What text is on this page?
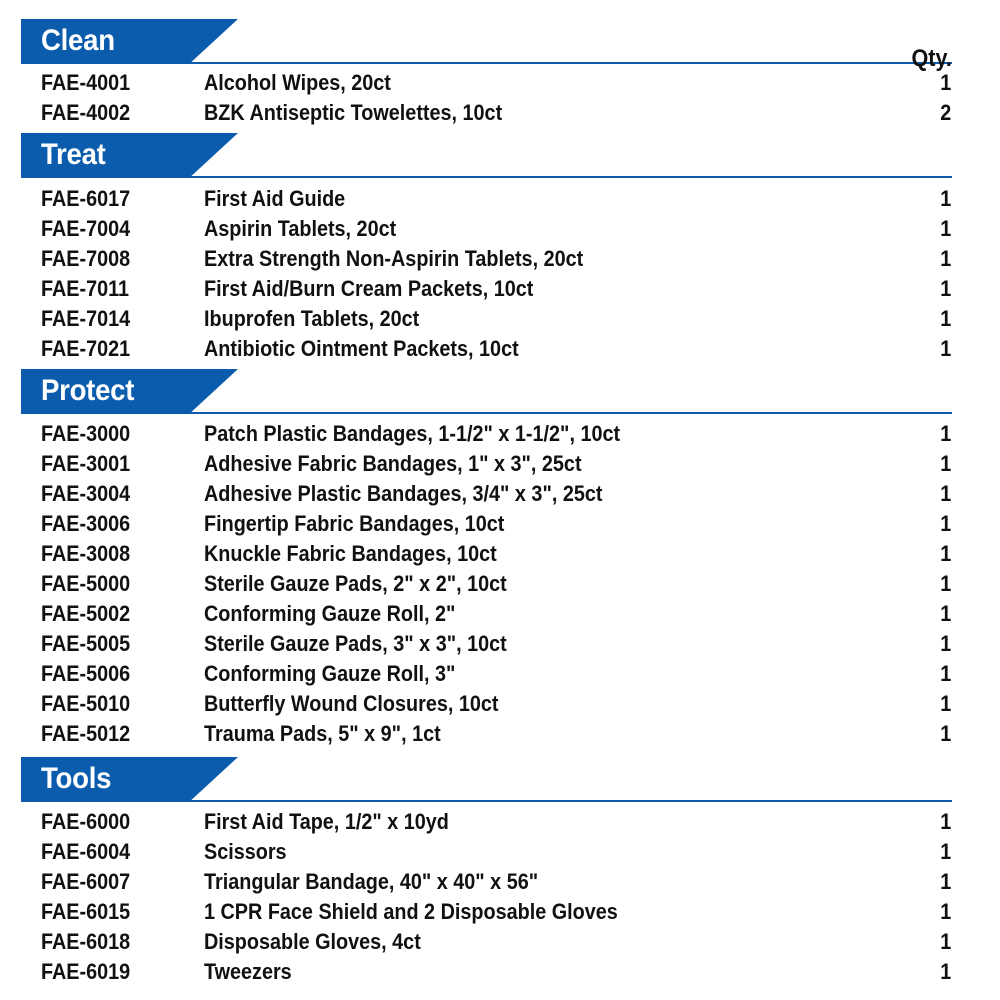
Clean
Qty.
FAE-4001	Alcohol Wipes, 20ct	1
FAE-4002	BZK Antiseptic Towelettes, 10ct	2
Treat
FAE-6017	First Aid Guide	1
FAE-7004	Aspirin Tablets, 20ct	1
FAE-7008	Extra Strength Non-Aspirin Tablets, 20ct	1
FAE-7011	First Aid/Burn Cream Packets, 10ct	1
FAE-7014	Ibuprofen Tablets, 20ct	1
FAE-7021	Antibiotic Ointment Packets, 10ct	1
Protect
FAE-3000	Patch Plastic Bandages, 1-1/2" x 1-1/2", 10ct	1
FAE-3001	Adhesive Fabric Bandages, 1" x 3", 25ct	1
FAE-3004	Adhesive Plastic Bandages, 3/4" x 3", 25ct	1
FAE-3006	Fingertip Fabric Bandages, 10ct	1
FAE-3008	Knuckle Fabric Bandages, 10ct	1
FAE-5000	Sterile Gauze Pads, 2" x 2", 10ct	1
FAE-5002	Conforming Gauze Roll, 2"	1
FAE-5005	Sterile Gauze Pads, 3" x 3", 10ct	1
FAE-5006	Conforming Gauze Roll, 3"	1
FAE-5010	Butterfly Wound Closures, 10ct	1
FAE-5012	Trauma Pads, 5" x 9", 1ct	1
Tools
FAE-6000	First Aid Tape, 1/2" x 10yd	1
FAE-6004	Scissors	1
FAE-6007	Triangular Bandage, 40" x 40" x 56"	1
FAE-6015	1 CPR Face Shield and 2 Disposable Gloves	1
FAE-6018	Disposable Gloves, 4ct	1
FAE-6019	Tweezers	1
